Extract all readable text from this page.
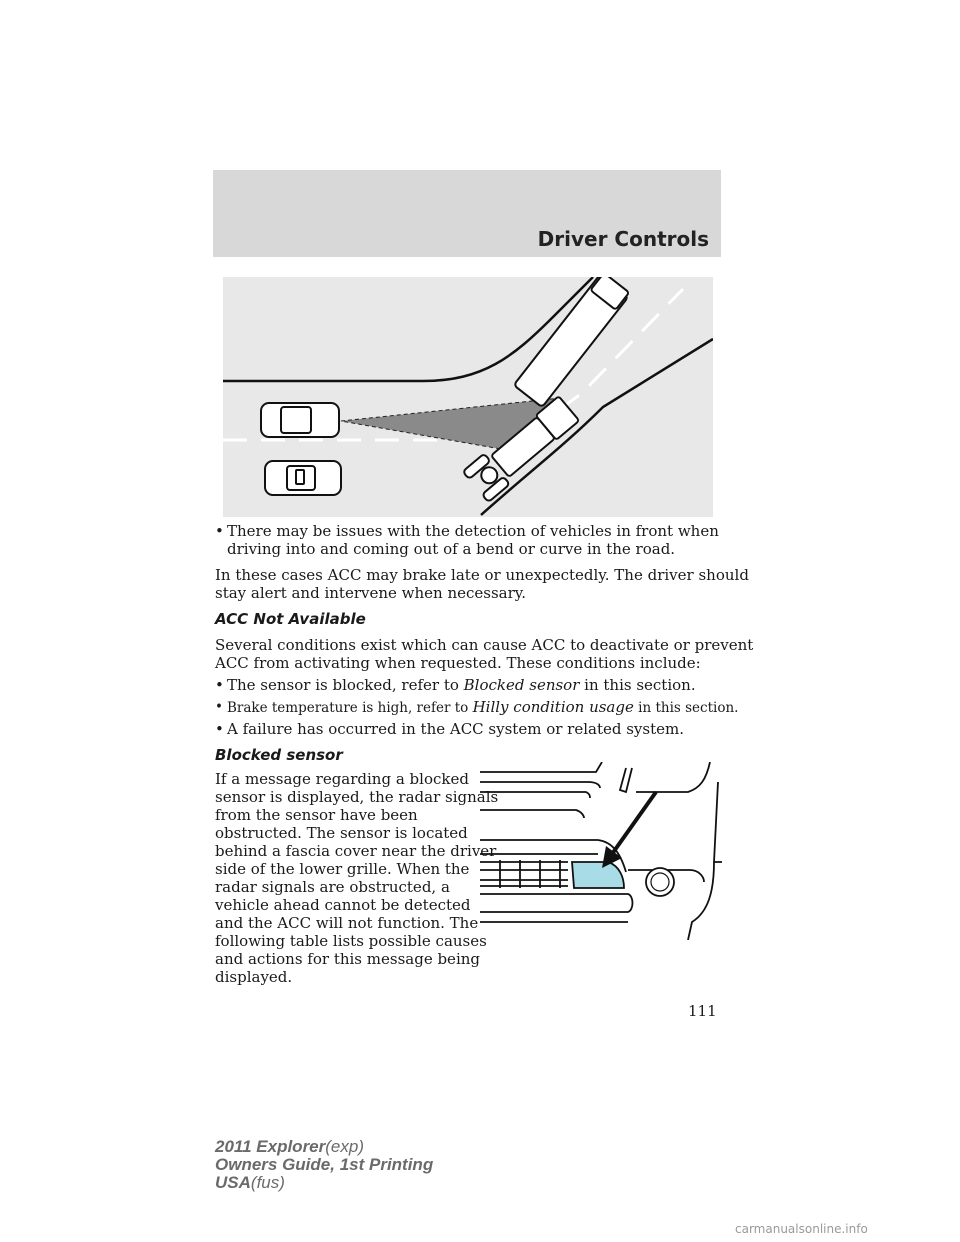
Driver Controls
• There may be issues with the detection of vehicles in front when
driving into and coming out of a bend or curve in the road.
In these cases ACC may brake late or unexpectedly. The driver should
stay alert and intervene when necessary.
ACC Not Available
Several conditions exist which can cause ACC to deactivate or prevent
ACC from activating when requested. These conditions include:
• The sensor is blocked, refer to Blocked sensor in this section.
• Brake temperature is high, refer to Hilly condition usage in this section.
• A failure has occurred in the ACC system or related system.
Blocked sensor
If a message regarding a blocked
sensor is displayed, the radar signals
from the sensor have been
obstructed. The sensor is located
behind a fascia cover near the driver
side of the lower grille. When the
radar signals are obstructed, a
vehicle ahead cannot be detected
and the ACC will not function. The
following table lists possible causes
and actions for this message being
displayed.
111
2011 Explorer(exp)
Owners Guide, 1st Printing
USA(fus)
carmanualsonline.info
